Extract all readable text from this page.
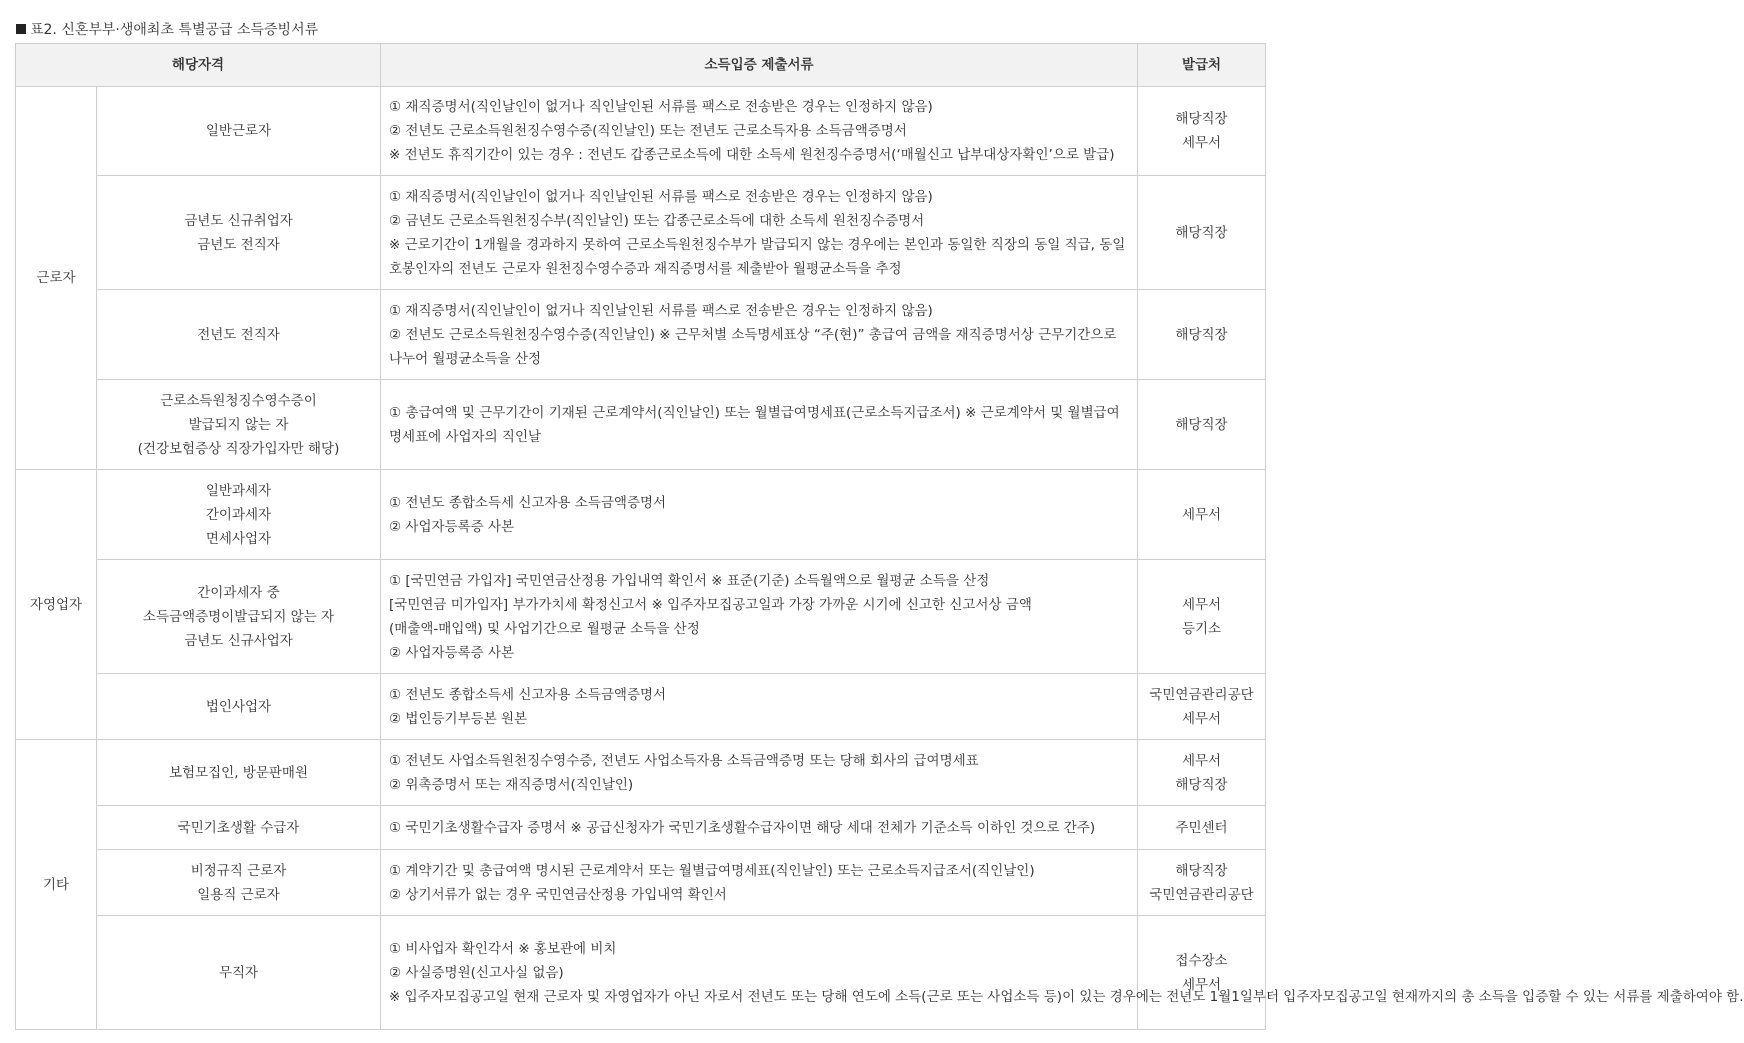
표2. 신혼부부·생애최초 특별공급 소득증빙서류
해당자격		소득입증 제출서류	발급처
근로자	일반근로자	① 재직증명서(직인날인이 없거나 직인날인된 서류를 팩스로 전송받은 경우는 인정하지 않음)
② 전년도 근로소득원천징수영수증(직인날인) 또는 전년도 근로소득자용 소득금액증명서
※ 전년도 휴직기간이 있는 경우 : 전년도 갑종근로소득에 대한 소득세 원천징수증명서(‘매월신고 납부대상자확인’으로 발급)	해당직장
세무서

	금년도 신규취업자
금년도 전직자	① 재직증명서(직인날인이 없거나 직인날인된 서류를 팩스로 전송받은 경우는 인정하지 않음)
② 금년도 근로소득원천징수부(직인날인) 또는 갑종근로소득에 대한 소득세 원천징수증명서
※ 근로기간이 1개월을 경과하지 못하여 근로소득원천징수부가 발급되지 않는 경우에는 본인과 동일한 직장의 동일 직급, 동일 호봉인자의 전년도 근로자 원천징수영수증과 재직증명서를 제출받아 월평균소득을 추정	해당직장

	전년도 전직자	① 재직증명서(직인날인이 없거나 직인날인된 서류를 팩스로 전송받은 경우는 인정하지 않음)
② 전년도 근로소득원천징수영수증(직인날인) ※ 근무처별 소득명세표상 “주(현)” 총급여 금액을 재직증명서상 근무기간으로 나누어 월평균소득을 산정	해당직장

	근로소득원청징수영수증이
발급되지 않는 자
(건강보험증상 직장가입자만 해당)	① 총급여액 및 근무기간이 기재된 근로계약서(직인날인) 또는 월별급여명세표(근로소득지급조서) ※ 근로계약서 및 월별급여명세표에 사업자의 직인날	해당직장

자영업자	일반과세자
간이과세자
면세사업자	① 전년도 종합소득세 신고자용 소득금액증명서
② 사업자등록증 사본	세무서

	간이과세자 중
소득금액증명이발급되지 않는 자
금년도 신규사업자	① [국민연금 가입자] 국민연금산정용 가입내역 확인서 ※ 표준(기준) 소득월액으로 월평균 소득을 산정
[국민연금 미가입자] 부가가치세 확정신고서 ※ 입주자모집공고일과 가장 가까운 시기에 신고한 신고서상 금액
(매출액-매입액) 및 사업기간으로 월평균 소득을 산정
② 사업자등록증 사본	세무서
등기소

	법인사업자	① 전년도 종합소득세 신고자용 소득금액증명서
② 법인등기부등본 원본	국민연금관리공단
세무서

기타	보험모집인, 방문판매원	① 전년도 사업소득원천징수영수증, 전년도 사업소득자용 소득금액증명 또는 당해 회사의 급여명세표
② 위촉증명서 또는 재직증명서(직인날인)	세무서
해당직장

	국민기초생활 수급자	① 국민기초생활수급자 증명서 ※ 공급신청자가 국민기초생활수급자이면 해당 세대 전체가 기준소득 이하인 것으로 간주)	주민센터

	비정규직 근로자
일용직 근로자	① 계약기간 및 총급여액 명시된 근로계약서 또는 월별급여명세표(직인날인) 또는 근로소득지급조서(직인날인)
② 상기서류가 없는 경우 국민연금산정용 가입내역 확인서	해당직장
국민연금관리공단

	무직자	① 비사업자 확인각서 ※ 홍보관에 비치
② 사실증명원(신고사실 없음)
※ 입주자모집공고일 현재 근로자 및 자영업자가 아닌 자로서 전년도 또는 당해 연도에 소득(근로 또는 사업소득 등)이 있는 경우에는 전년도 1월1일부터 입주자모집공고일 현재까지의 총 소득을 입증할 수 있는 서류를 제출하여야 함.	접수장소
세무서
